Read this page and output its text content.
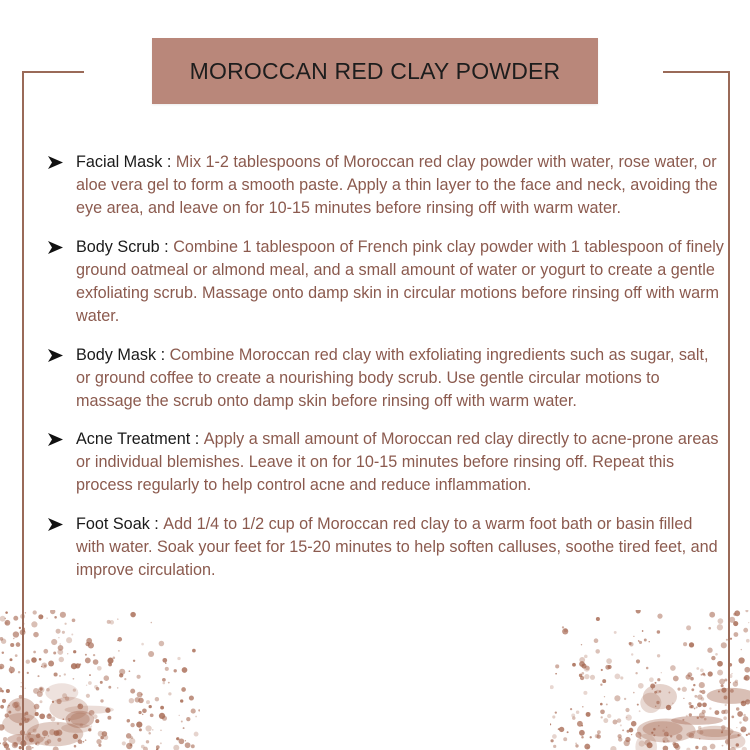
MOROCCAN RED CLAY POWDER
Facial Mask : Mix 1-2 tablespoons of Moroccan red clay powder with water, rose water, or aloe vera gel to form a smooth paste. Apply a thin layer to the face and neck, avoiding the eye area, and leave on for 10-15 minutes before rinsing off with warm water.
Body Scrub : Combine 1 tablespoon of French pink clay powder with 1 tablespoon of finely ground oatmeal or almond meal, and a small amount of water or yogurt to create a gentle exfoliating scrub. Massage onto damp skin in circular motions before rinsing off with warm water.
Body Mask : Combine Moroccan red clay with exfoliating ingredients such as sugar, salt, or ground coffee to create a nourishing body scrub. Use gentle circular motions to massage the scrub onto damp skin before rinsing off with warm water.
Acne Treatment : Apply a small amount of Moroccan red clay directly to acne-prone areas or individual blemishes. Leave it on for 10-15 minutes before rinsing off. Repeat this process regularly to help control acne and reduce inflammation.
Foot Soak : Add 1/4 to 1/2 cup of Moroccan red clay to a warm foot bath or basin filled with water. Soak your feet for 15-20 minutes to help soften calluses, soothe tired feet, and improve circulation.
